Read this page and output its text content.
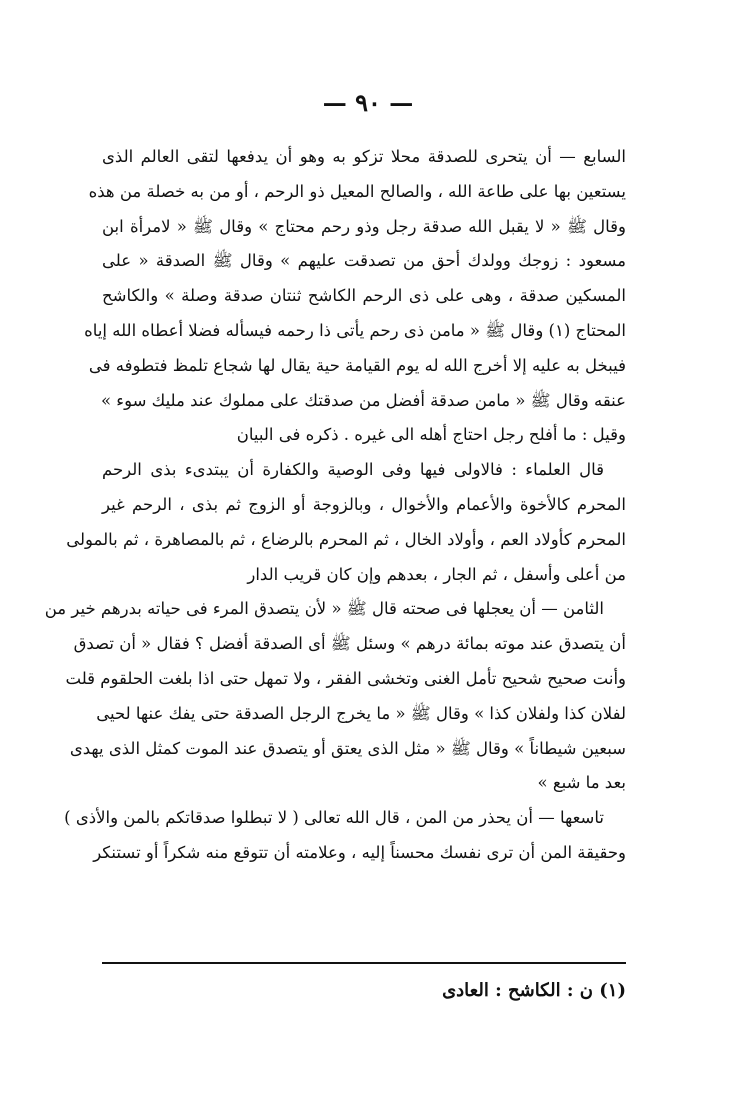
— ٩٠ —
السابع — أن يتحرى للصدقة محلا تزكو به وهو أن يدفعها لتقى العالم الذى
يستعين بها على طاعة الله ، والصالح المعيل ذو الرحم ، أو من به خصلة من هذه
وقال ﷺ « لا يقبل الله صدقة رجل وذو رحم محتاج » وقال ﷺ « لامرأة ابن
مسعود : زوجك وولدك أحق من تصدقت عليهم » وقال ﷺ الصدقة « على
المسكين صدقة ، وهى على ذى الرحم الكاشح ثنتان صدقة وصلة » والكاشح
المحتاج (١) وقال ﷺ « مامن ذى رحم يأتى ذا رحمه فيسأله فضلا أعطاه الله إياه
فيبخل به عليه إلا أخرج الله له يوم القيامة حية يقال لها شجاع تلمظ فتطوفه فى
عنقه وقال ﷺ « مامن صدقة أفضل من صدقتك على مملوك عند مليك سوء »
وقيل : ما أفلح رجل احتاج أهله الى غيره . ذكره فى البيان
قال العلماء : فالاولى فيها وفى الوصية والكفارة أن يبتدىء بذى الرحم
المحرم كالأخوة والأعمام والأخوال ، وبالزوجة أو الزوج ثم بذى ، الرحم غير
المحرم كأولاد العم ، وأولاد الخال ، ثم المحرم بالرضاع ، ثم بالمصاهرة ، ثم بالمولى
من أعلى وأسفل ، ثم الجار ، بعدهم وإن كان قريب الدار
الثامن — أن يعجلها فى صحته قال ﷺ « لأن يتصدق المرء فى حياته بدرهم خير من
أن يتصدق عند موته بمائة درهم » وسئل ﷺ أى الصدقة أفضل ؟ فقال « أن تصدق
وأنت صحيح شحيح تأمل الغنى وتخشى الفقر ، ولا تمهل حتى اذا بلغت الحلقوم قلت
لفلان كذا ولفلان كذا » وقال ﷺ « ما يخرج الرجل الصدقة حتى يفك عنها لحيى
سبعين شيطاناً » وقال ﷺ « مثل الذى يعتق أو يتصدق عند الموت كمثل الذى يهدى
بعد ما شبع »
تاسعها — أن يحذر من المن ، قال الله تعالى ( لا تبطلوا صدقاتكم بالمن والأذى )
وحقيقة المن أن ترى نفسك محسناً إليه ، وعلامته أن تتوقع منه شكراً أو تستنكر
(١) ن : الكاشح : العادى
